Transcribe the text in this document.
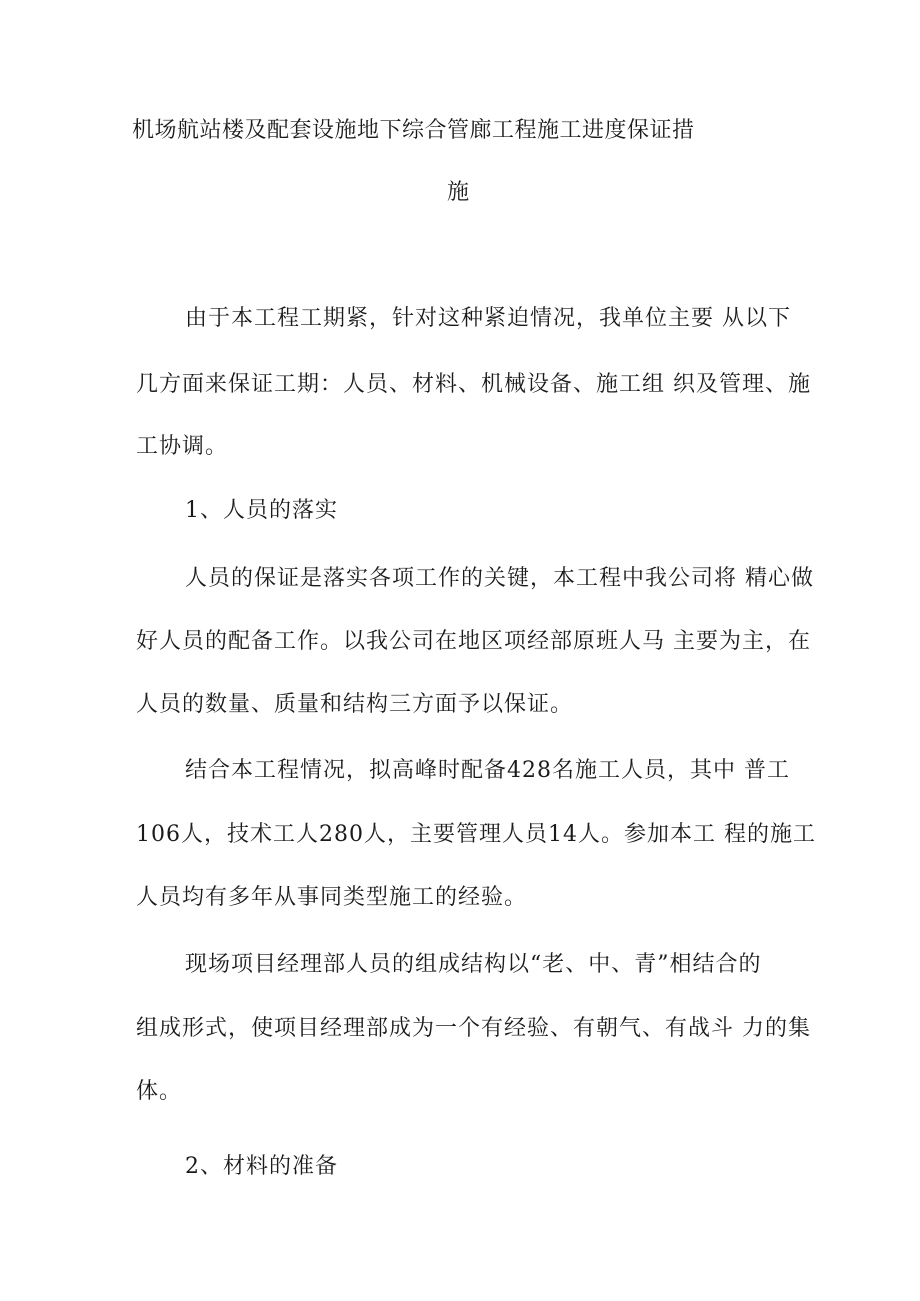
机场航站楼及配套设施地下综合管廊工程施工进度保证措
施
由于本工程工期紧，针对这种紧迫情况，我单位主要 从以下
几方面来保证工期：人员、材料、机械设备、施工组 织及管理、施
工协调。
1、人员的落实
人员的保证是落实各项工作的关键，本工程中我公司将 精心做
好人员的配备工作。以我公司在地区项经部原班人马 主要为主，在
人员的数量、质量和结构三方面予以保证。
结合本工程情况，拟高峰时配备428名施工人员，其中 普工
106人，技术工人280人，主要管理人员14人。参加本工 程的施工
人员均有多年从事同类型施工的经验。
现场项目经理部人员的组成结构以“老、中、青”相结合的
组成形式，使项目经理部成为一个有经验、有朝气、有战斗 力的集
体。
2、材料的准备
